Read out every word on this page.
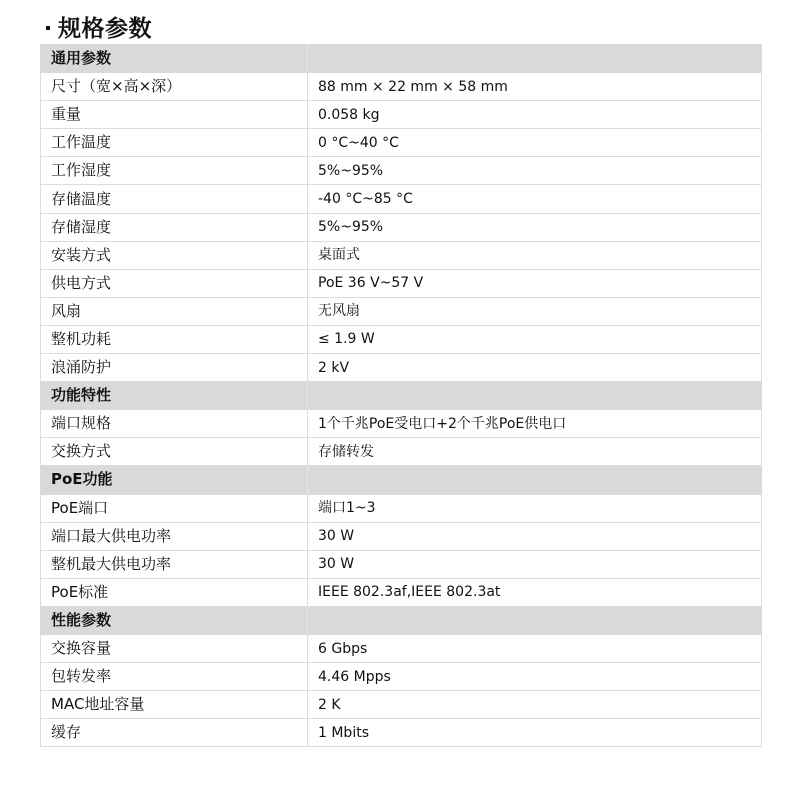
规格参数
通用参数	
尺寸（宽×高×深）	88 mm × 22 mm × 58 mm
重量	0.058 kg
工作温度	0 °C~40 °C
工作湿度	5%~95%
存储温度	-40 °C~85 °C
存储湿度	5%~95%
安装方式	桌面式
供电方式	PoE 36 V~57 V
风扇	无风扇
整机功耗	≤ 1.9 W
浪涌防护	2 kV
功能特性	
端口规格	1个千兆PoE受电口+2个千兆PoE供电口
交换方式	存储转发
PoE功能	
PoE端口	端口1~3
端口最大供电功率	30 W
整机最大供电功率	30 W
PoE标准	IEEE 802.3af,IEEE 802.3at
性能参数	
交换容量	6 Gbps
包转发率	4.46 Mpps
MAC地址容量	2 K
缓存	1 Mbits
